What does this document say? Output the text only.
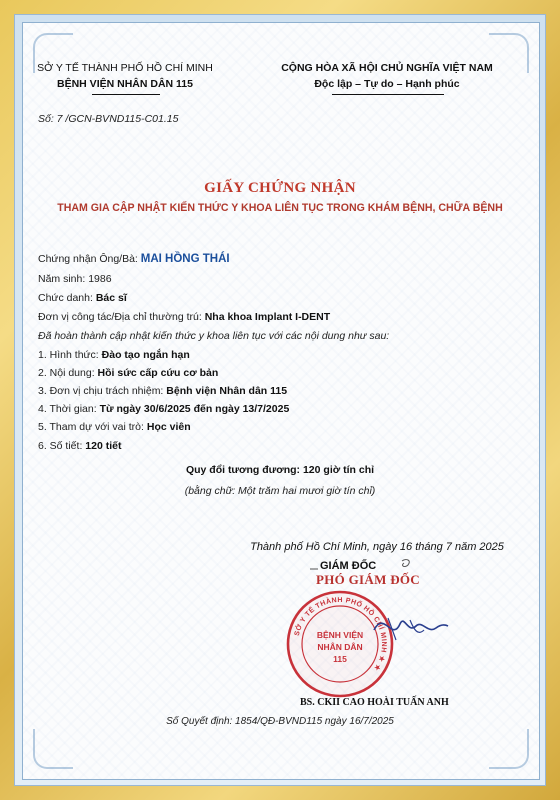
SỞ Y TẾ THÀNH PHỐ HỒ CHÍ MINH
BỆNH VIỆN NHÂN DÂN 115
CỘNG HÒA XÃ HỘI CHỦ NGHĨA VIỆT NAM
Độc lập – Tự do – Hạnh phúc
Số: 7 /GCN-BVND115-C01.15
GIẤY CHỨNG NHẬN
THAM GIA CẬP NHẬT KIẾN THỨC Y KHOA LIÊN TỤC TRONG KHÁM BỆNH, CHỮA BỆNH
Chứng nhận Ông/Bà: MAI HỒNG THÁI
Năm sinh: 1986
Chức danh: Bác sĩ
Đơn vị công tác/Địa chỉ thường trú: Nha khoa Implant I-DENT
Đã hoàn thành cập nhật kiến thức y khoa liên tục với các nội dung như sau:
1. Hình thức: Đào tạo ngắn hạn
2. Nội dung: Hồi sức cấp cứu cơ bản
3. Đơn vị chịu trách nhiệm: Bệnh viện Nhân dân 115
4. Thời gian: Từ ngày 30/6/2025 đến ngày 13/7/2025
5. Tham dự với vai trò: Học viên
6. Số tiết: 120 tiết
Quy đổi tương đương: 120 giờ tín chỉ
(bằng chữ: Một trăm hai mươi giờ tín chỉ)
Thành phố Hồ Chí Minh, ngày 16 tháng 7 năm 2025
GIÁM ĐỐC
PHÓ GIÁM ĐỐC
SỞ Y TẾ THÀNH PHỐ HỒ CHÍ MINH ★ ★
BỆNH VIỆN
NHÂN DÂN
115
BS. CKII CAO HOÀI TUẤN ANH
Số Quyết định: 1854/QĐ-BVND115 ngày 16/7/2025
